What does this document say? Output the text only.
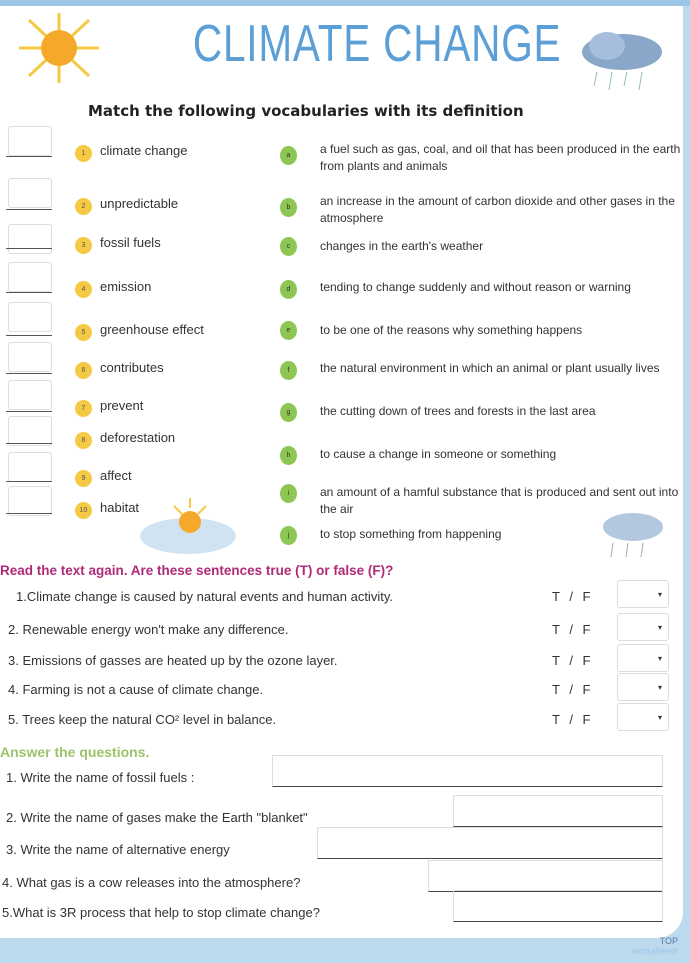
CLIMATE CHANGE
Match the following vocabularies with its definition
1	climate change
2	unpredictable
3	fossil fuels
4	emission
5	greenhouse effect
6	contributes
7	prevent
8	deforestation
9	affect
10 habitat
a	a fuel such as gas, coal, and oil that has been produced in the earth from plants and animals
b	an increase in the amount of carbon dioxide and other gases in the atmosphere
c	changes in the earth's weather
d	tending to change suddenly and without reason or warning
e	to be one of the reasons why something happens
f	the natural environment in which an animal or plant usually lives
g	the cutting down of trees and forests in the last area
h	to cause a change in someone or something
i	an amount of a hamful substance that is produced and sent out into the air
j	to stop something from happening
Read the text again. Are these sentences true (T) or false (F)?
1.Climate change is caused by natural events and human activity.	T / F	▾
2. Renewable energy won't make any difference.	T / F	▾
3. Emissions of gasses are heated up by the ozone layer.	T / F	▾
4. Farming is not a cause of climate change.	T / F	▾
5. Trees keep the natural CO² level in balance.	T / F	▾
Answer the questions.
1. Write the name of fossil fuels :
2. Write the name of gases make the Earth "blanket"
3. Write the name of alternative energy
4. What gas is a cow releases into the atmosphere?
5.What is 3R process that help to stop climate change?
TOP
worksheets
